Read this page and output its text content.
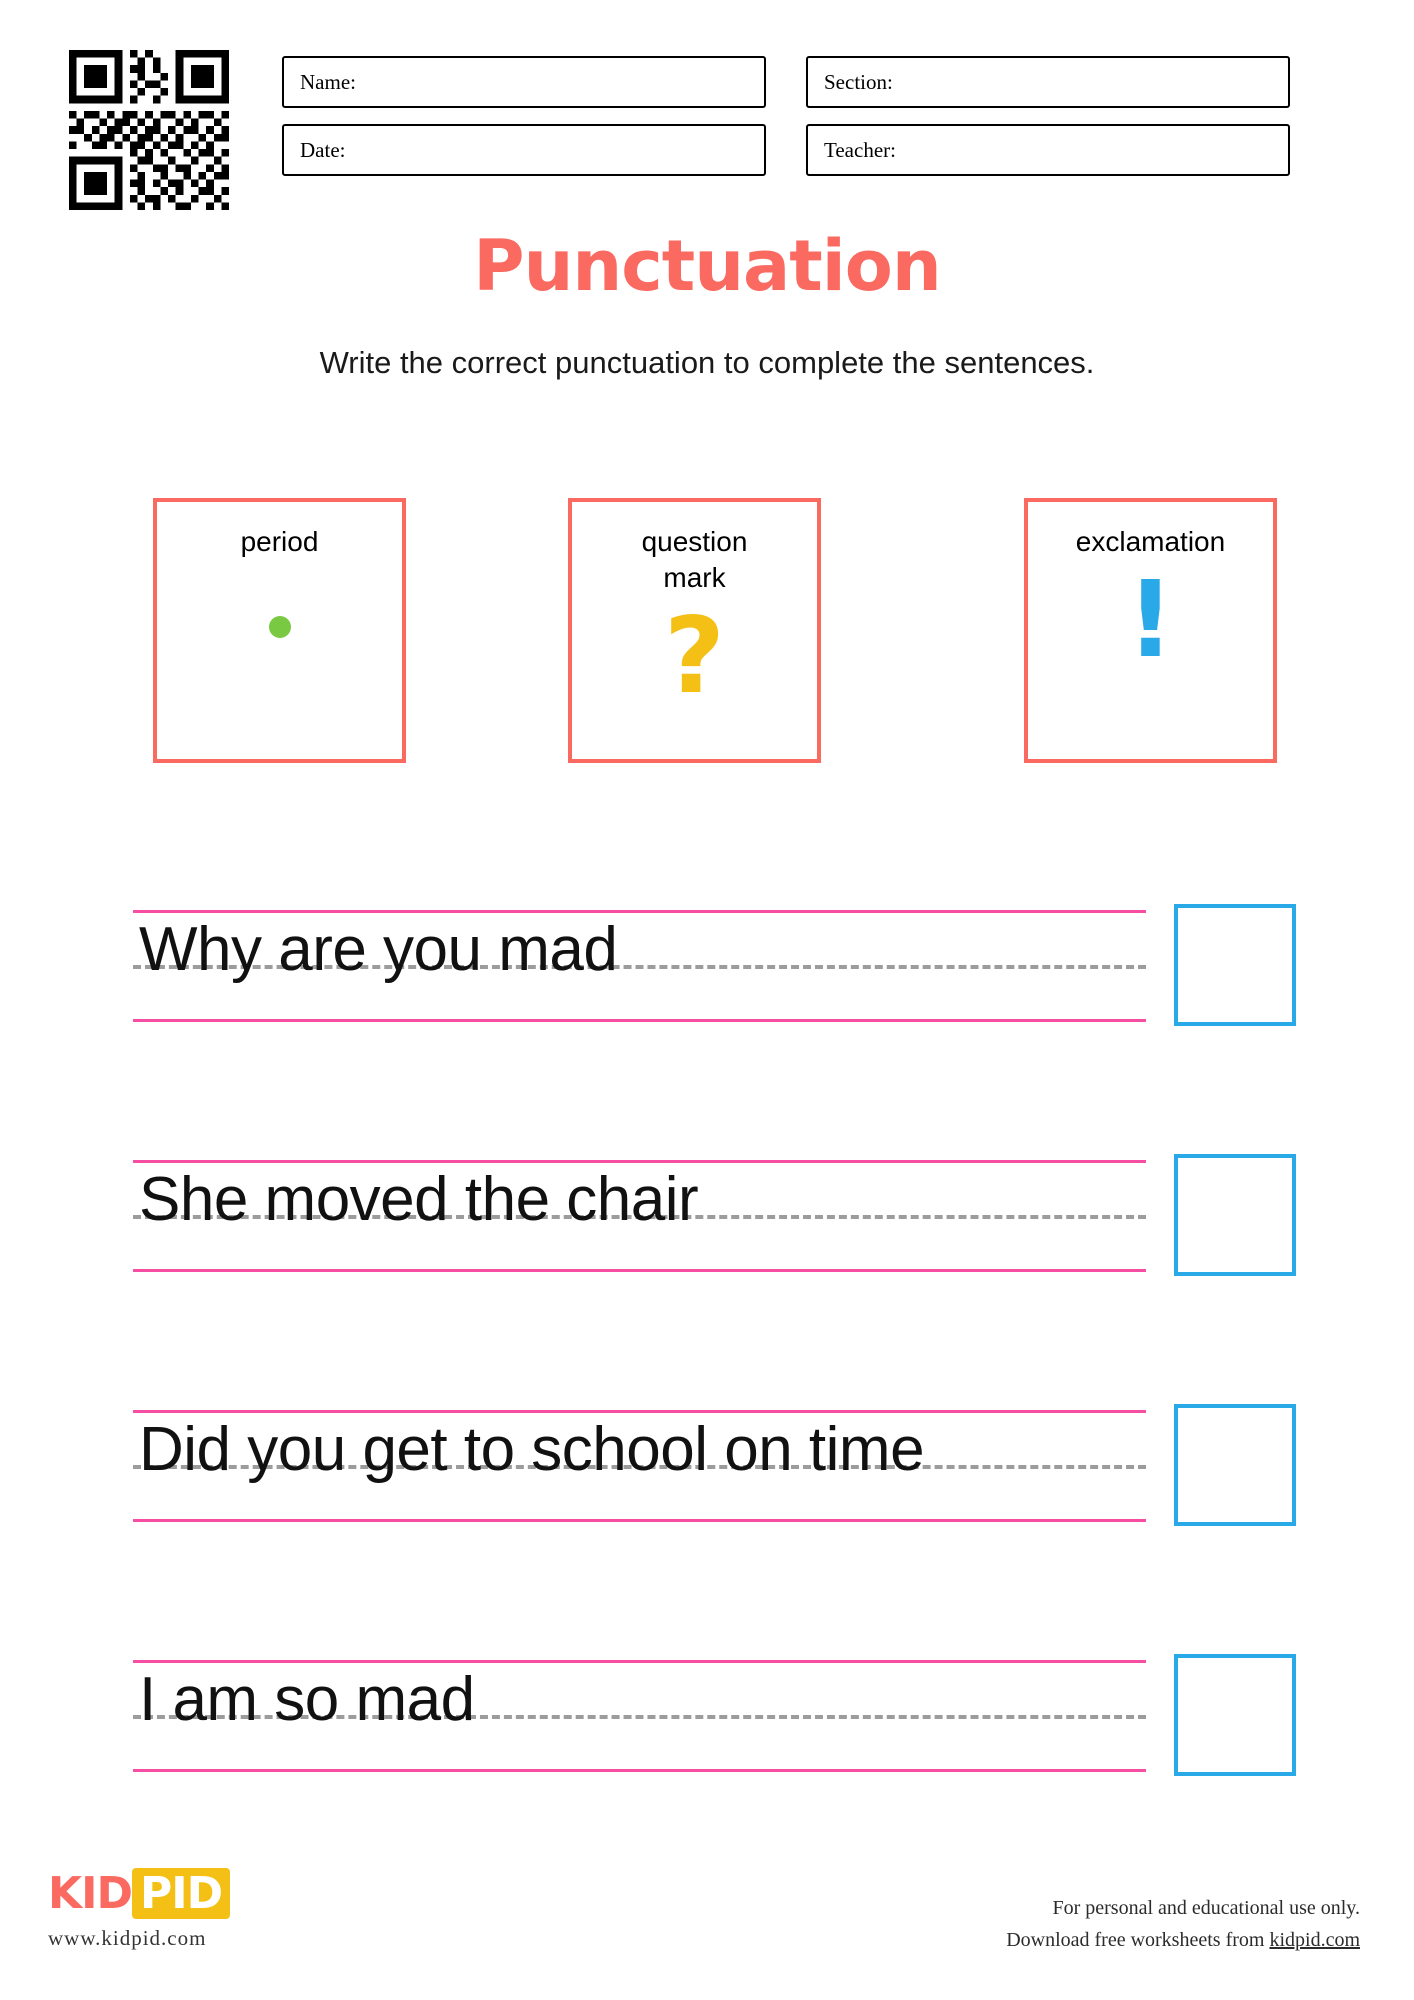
Name:	Section:
Date:	Teacher:
Punctuation
Write the correct punctuation to complete the sentences.
period	question
mark
?
exclamation
!
Why are you mad
She moved the chair
Did you get to school on time
I am so mad
KID PID
www.kidpid.com
For personal and educational use only.
Download free worksheets from kidpid.com
